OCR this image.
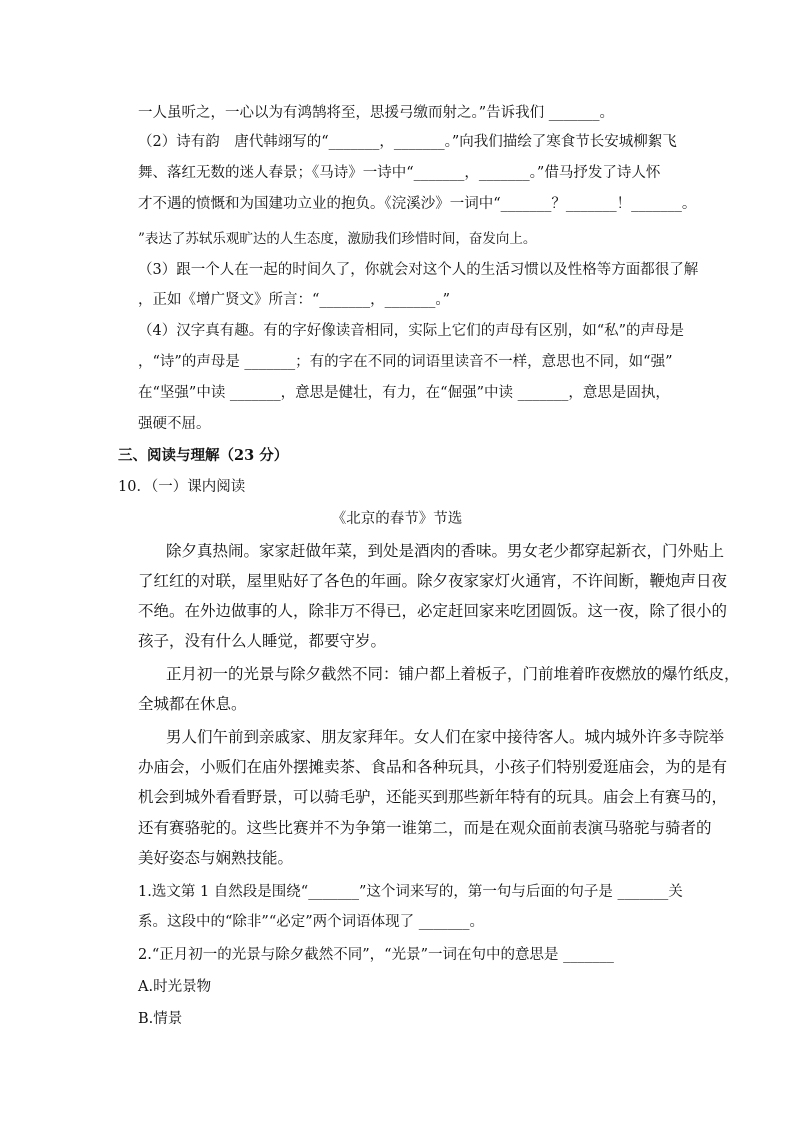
一人虽听之，一心以为有鸿鹄将至，思援弓缴而射之。”告诉我们 _______。
（2）诗有韵　唐代韩翊写的“_______，_______。”向我们描绘了寒食节长安城柳絮飞
舞、落红无数的迷人春景；《马诗》一诗中“_______，_______。”借马抒发了诗人怀
才不遇的愤慨和为国建功立业的抱负。《浣溪沙》一词中“_______？_______！_______。
”表达了苏轼乐观旷达的人生态度，激励我们珍惜时间，奋发向上。
（3）跟一个人在一起的时间久了，你就会对这个人的生活习惯以及性格等方面都很了解
，正如《增广贤文》所言：“_______，_______。”
（4）汉字真有趣。有的字好像读音相同，实际上它们的声母有区别，如“私”的声母是
，“诗”的声母是 _______；有的字在不同的词语里读音不一样，意思也不同，如“强”
在“坚强”中读 _______，意思是健壮，有力，在“倔强”中读 _______，意思是固执，
强硬不屈。
三、阅读与理解（23 分）
10．（一）课内阅读
《北京的春节》节选
除夕真热闹。家家赶做年菜，到处是酒肉的香味。男女老少都穿起新衣，门外贴上
了红红的对联，屋里贴好了各色的年画。除夕夜家家灯火通宵，不许间断，鞭炮声日夜
不绝。在外边做事的人，除非万不得已，必定赶回家来吃团圆饭。这一夜，除了很小的
孩子，没有什么人睡觉，都要守岁。
正月初一的光景与除夕截然不同：铺户都上着板子，门前堆着昨夜燃放的爆竹纸皮，
全城都在休息。
男人们午前到亲戚家、朋友家拜年。女人们在家中接待客人。城内城外许多寺院举
办庙会，小贩们在庙外摆摊卖茶、食品和各种玩具，小孩子们特别爱逛庙会，为的是有
机会到城外看看野景，可以骑毛驴，还能买到那些新年特有的玩具。庙会上有赛马的，
还有赛骆驼的。这些比赛并不为争第一谁第二，而是在观众面前表演马骆驼与骑者的
美好姿态与娴熟技能。
1.选文第 1 自然段是围绕“_______”这个词来写的，第一句与后面的句子是 _______关
系。这段中的“除非”“必定”两个词语体现了 _______。
2.“正月初一的光景与除夕截然不同”，“光景”一词在句中的意思是 _______
A.时光景物
B.情景
